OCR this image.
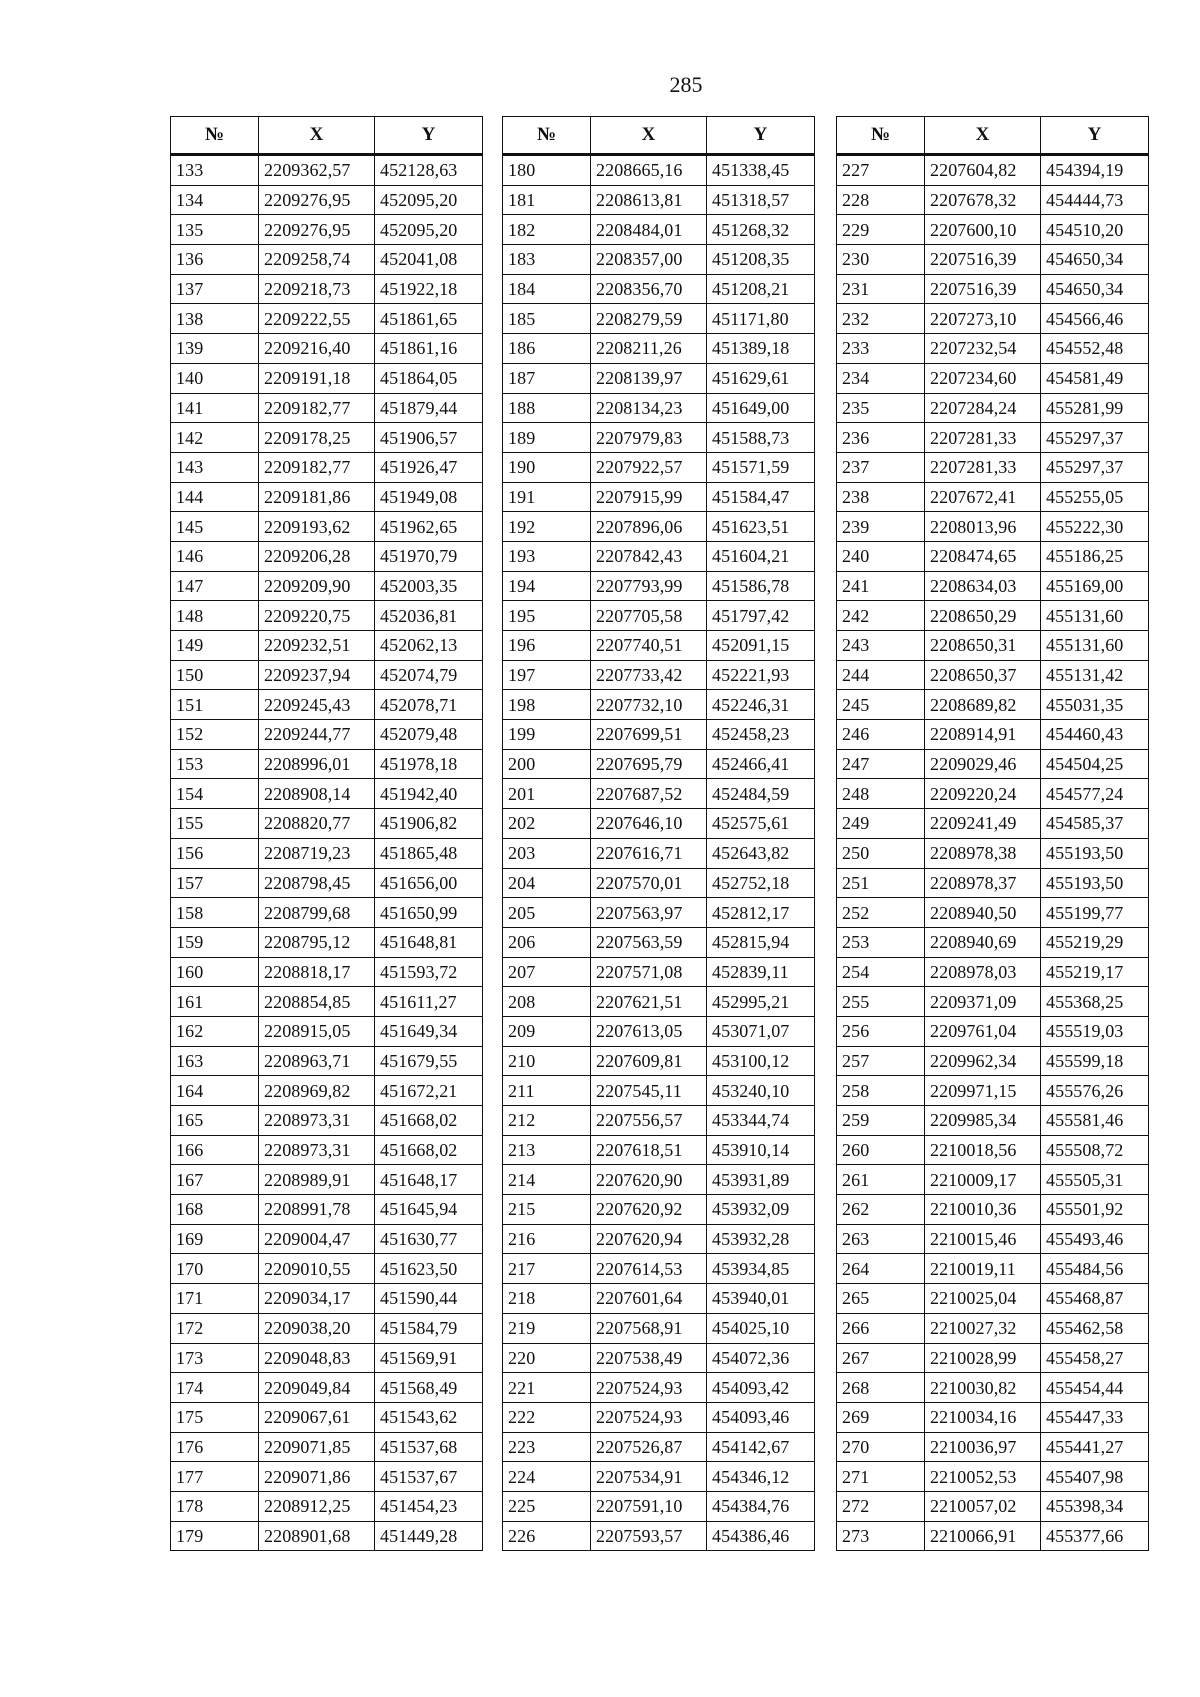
285
№	X	Y
133	2209362,57	452128,63
134	2209276,95	452095,20
135	2209276,95	452095,20
136	2209258,74	452041,08
137	2209218,73	451922,18
138	2209222,55	451861,65
139	2209216,40	451861,16
140	2209191,18	451864,05
141	2209182,77	451879,44
142	2209178,25	451906,57
143	2209182,77	451926,47
144	2209181,86	451949,08
145	2209193,62	451962,65
146	2209206,28	451970,79
147	2209209,90	452003,35
148	2209220,75	452036,81
149	2209232,51	452062,13
150	2209237,94	452074,79
151	2209245,43	452078,71
152	2209244,77	452079,48
153	2208996,01	451978,18
154	2208908,14	451942,40
155	2208820,77	451906,82
156	2208719,23	451865,48
157	2208798,45	451656,00
158	2208799,68	451650,99
159	2208795,12	451648,81
160	2208818,17	451593,72
161	2208854,85	451611,27
162	2208915,05	451649,34
163	2208963,71	451679,55
164	2208969,82	451672,21
165	2208973,31	451668,02
166	2208973,31	451668,02
167	2208989,91	451648,17
168	2208991,78	451645,94
169	2209004,47	451630,77
170	2209010,55	451623,50
171	2209034,17	451590,44
172	2209038,20	451584,79
173	2209048,83	451569,91
174	2209049,84	451568,49
175	2209067,61	451543,62
176	2209071,85	451537,68
177	2209071,86	451537,67
178	2208912,25	451454,23
179	2208901,68	451449,28
№	X	Y
180	2208665,16	451338,45
181	2208613,81	451318,57
182	2208484,01	451268,32
183	2208357,00	451208,35
184	2208356,70	451208,21
185	2208279,59	451171,80
186	2208211,26	451389,18
187	2208139,97	451629,61
188	2208134,23	451649,00
189	2207979,83	451588,73
190	2207922,57	451571,59
191	2207915,99	451584,47
192	2207896,06	451623,51
193	2207842,43	451604,21
194	2207793,99	451586,78
195	2207705,58	451797,42
196	2207740,51	452091,15
197	2207733,42	452221,93
198	2207732,10	452246,31
199	2207699,51	452458,23
200	2207695,79	452466,41
201	2207687,52	452484,59
202	2207646,10	452575,61
203	2207616,71	452643,82
204	2207570,01	452752,18
205	2207563,97	452812,17
206	2207563,59	452815,94
207	2207571,08	452839,11
208	2207621,51	452995,21
209	2207613,05	453071,07
210	2207609,81	453100,12
211	2207545,11	453240,10
212	2207556,57	453344,74
213	2207618,51	453910,14
214	2207620,90	453931,89
215	2207620,92	453932,09
216	2207620,94	453932,28
217	2207614,53	453934,85
218	2207601,64	453940,01
219	2207568,91	454025,10
220	2207538,49	454072,36
221	2207524,93	454093,42
222	2207524,93	454093,46
223	2207526,87	454142,67
224	2207534,91	454346,12
225	2207591,10	454384,76
226	2207593,57	454386,46
№	X	Y
227	2207604,82	454394,19
228	2207678,32	454444,73
229	2207600,10	454510,20
230	2207516,39	454650,34
231	2207516,39	454650,34
232	2207273,10	454566,46
233	2207232,54	454552,48
234	2207234,60	454581,49
235	2207284,24	455281,99
236	2207281,33	455297,37
237	2207281,33	455297,37
238	2207672,41	455255,05
239	2208013,96	455222,30
240	2208474,65	455186,25
241	2208634,03	455169,00
242	2208650,29	455131,60
243	2208650,31	455131,60
244	2208650,37	455131,42
245	2208689,82	455031,35
246	2208914,91	454460,43
247	2209029,46	454504,25
248	2209220,24	454577,24
249	2209241,49	454585,37
250	2208978,38	455193,50
251	2208978,37	455193,50
252	2208940,50	455199,77
253	2208940,69	455219,29
254	2208978,03	455219,17
255	2209371,09	455368,25
256	2209761,04	455519,03
257	2209962,34	455599,18
258	2209971,15	455576,26
259	2209985,34	455581,46
260	2210018,56	455508,72
261	2210009,17	455505,31
262	2210010,36	455501,92
263	2210015,46	455493,46
264	2210019,11	455484,56
265	2210025,04	455468,87
266	2210027,32	455462,58
267	2210028,99	455458,27
268	2210030,82	455454,44
269	2210034,16	455447,33
270	2210036,97	455441,27
271	2210052,53	455407,98
272	2210057,02	455398,34
273	2210066,91	455377,66
